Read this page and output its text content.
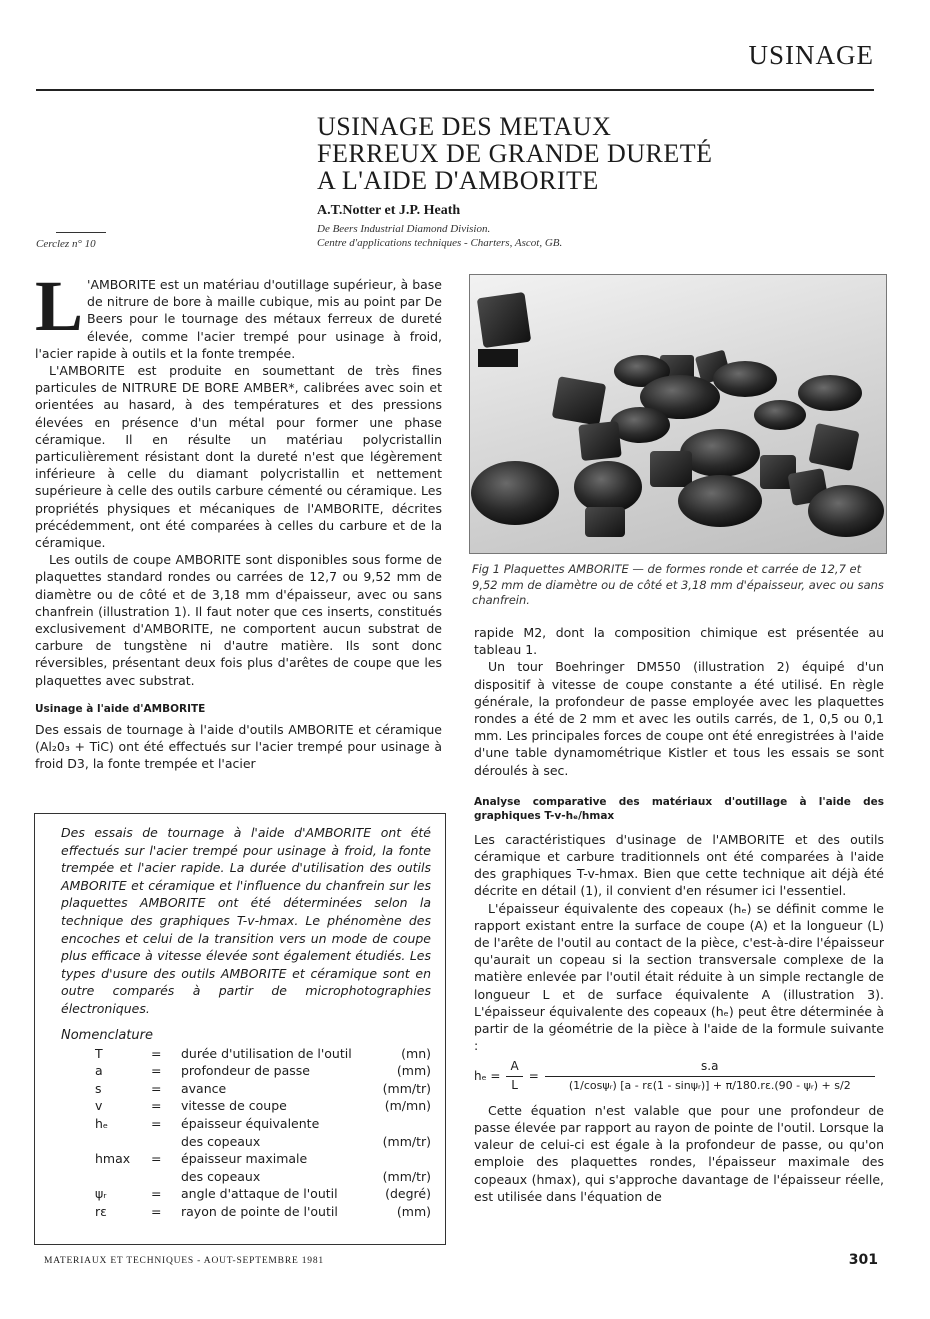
USINAGE
USINAGE DES METAUX
FERREUX DE GRANDE DURETÉ
A L'AIDE D'AMBORITE
A.T.Notter et J.P. Heath
De Beers Industrial Diamond Division.
Centre d'applications techniques - Charters, Ascot, GB.
Cerclez n° 10

L 'AMBORITE est un matériau d'outillage supérieur, à base de nitrure de bore à maille cubique, mis au point par De Beers pour le tournage des métaux ferreux de dureté élevée, comme l'acier trempé pour usinage à froid, l'acier rapide à outils et la fonte trempée.

L'AMBORITE est produite en soumettant de très fines particules de NITRURE DE BORE AMBER*, calibrées avec soin et orientées au hasard, à des températures et des pressions élevées en présence d'un métal pour former une phase céramique. Il en résulte un matériau polycristallin particulièrement résistant dont la dureté n'est que légèrement inférieure à celle du diamant polycristallin et nettement supérieure à celle des outils carbure cémenté ou céramique. Les propriétés physiques et mécaniques de l'AMBORITE, décrites précédemment, ont été comparées à celles du carbure et de la céramique.

Les outils de coupe AMBORITE sont disponibles sous forme de plaquettes standard rondes ou carrées de 12,7 ou 9,52 mm de diamètre ou de côté et de 3,18 mm d'épaisseur, avec ou sans chanfrein (illustration 1). Il faut noter que ces inserts, constitués exclusivement d'AMBORITE, ne comportent aucun substrat de carbure de tungstène ni d'autre matière. Ils sont donc réversibles, présentant deux fois plus d'arêtes de coupe que les plaquettes avec substrat.

Usinage à l'aide d'AMBORITE

Des essais de tournage à l'aide d'outils AMBORITE et céramique (Al₂0₃ + TiC) ont été effectués sur l'acier trempé pour usinage à froid D3, la fonte trempée et l'acier

Des essais de tournage à l'aide d'AMBORITE ont été effectués sur l'acier trempé pour usinage à froid, la fonte trempée et l'acier rapide. La durée d'utilisation des outils AMBORITE et céramique et l'influence du chanfrein sur les plaquettes AMBORITE ont été déterminées selon la technique des graphiques T-v-hmax. Le phénomène des encoches et celui de la transition vers un mode de coupe plus efficace à vitesse élevée sont également étudiés. Les types d'usure des outils AMBORITE et céramique sont en outre comparés à partir de microphotographies électroniques.
Nomenclature
T	=	durée d'utilisation de l'outil	(mn)
a	=	profondeur de passe	(mm)
s	=	avance	(mm/tr)
v	=	vitesse de coupe	(m/mn)
hₑ	=	épaisseur équivalente
des copeaux	(mm/tr)
hmax	=	épaisseur maximale
des copeaux	(mm/tr)
ψᵣ	=	angle d'attaque de l'outil	(degré)
rε	=	rayon de pointe de l'outil	(mm)
Fig 1 Plaquettes AMBORITE — de formes ronde et carrée de 12,7 et 9,52 mm de diamètre ou de côté et 3,18 mm d'épaisseur, avec ou sans chanfrein.

rapide M2, dont la composition chimique est présentée au tableau 1.

Un tour Boehringer DM550 (illustration 2) équipé d'un dispositif à vitesse de coupe constante a été utilisé. En règle générale, la profondeur de passe employée avec les plaquettes rondes a été de 2 mm et avec les outils carrés, de 1, 0,5 ou 0,1 mm. Les principales forces de coupe ont été enregistrées à l'aide d'une table dynamométrique Kistler et tous les essais se sont déroulés à sec.

Analyse comparative des matériaux d'outillage à l'aide des graphiques T-v-hₑ/hmax

Les caractéristiques d'usinage de l'AMBORITE et des outils céramique et carbure traditionnels ont été comparées à l'aide des graphiques T-v-hmax. Bien que cette technique ait déjà été décrite en détail (1), il convient d'en résumer ici l'essentiel.

L'épaisseur équivalente des copeaux (hₑ) se définit comme le rapport existant entre la surface de coupe (A) et la longueur (L) de l'arête de l'outil au contact de la pièce, c'est-à-dire l'épaisseur qu'aurait un copeau si la section transversale complexe de la matière enlevée par l'outil était réduite à un simple rectangle de longueur L et de surface équivalente A (illustration 3). L'épaisseur équivalente des copeaux (hₑ) peut être déterminée à partir de la géométrie de la pièce à l'aide de la formule suivante :

$h_e = \frac{A}{L} = \frac{s.a}{\text{(1/cosψᵣ) [a - rε(1 - sinψᵣ)] + π/180.rε.(90 - ψᵣ) + s/2}}$

Cette équation n'est valable que pour une profondeur de passe élevée par rapport au rayon de pointe de l'outil. Lorsque la valeur de celui-ci est égale à la profondeur de passe, ou qu'on emploie des plaquettes rondes, l'épaisseur maximale des copeaux (hmax), qui s'approche davantage de l'épaisseur réelle, est utilisée dans l'équation de

MATERIAUX ET TECHNIQUES - AOUT-SEPTEMBRE 1981	301
